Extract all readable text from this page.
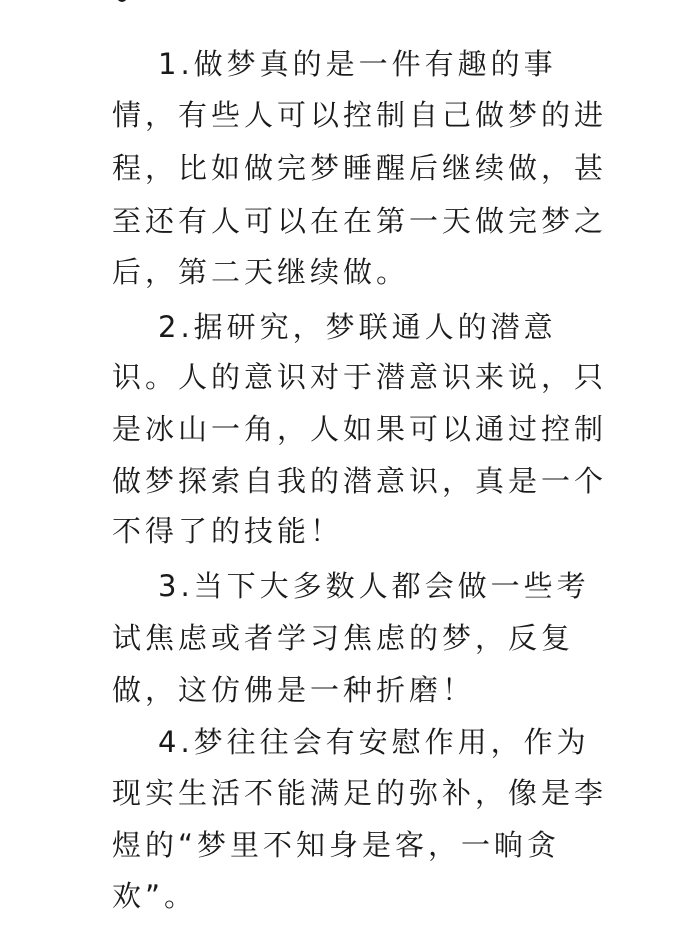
1.做梦真的是一件有趣的事
情，有些人可以控制自己做梦的进
程，比如做完梦睡醒后继续做，甚
至还有人可以在在第一天做完梦之
后，第二天继续做。
2.据研究，梦联通人的潜意
识。人的意识对于潜意识来说，只
是冰山一角，人如果可以通过控制
做梦探索自我的潜意识，真是一个
不得了的技能！
3.当下大多数人都会做一些考
试焦虑或者学习焦虑的梦，反复
做，这仿佛是一种折磨！
4.梦往往会有安慰作用，作为
现实生活不能满足的弥补，像是李
煜的“梦里不知身是客，一晌贪
欢”。
